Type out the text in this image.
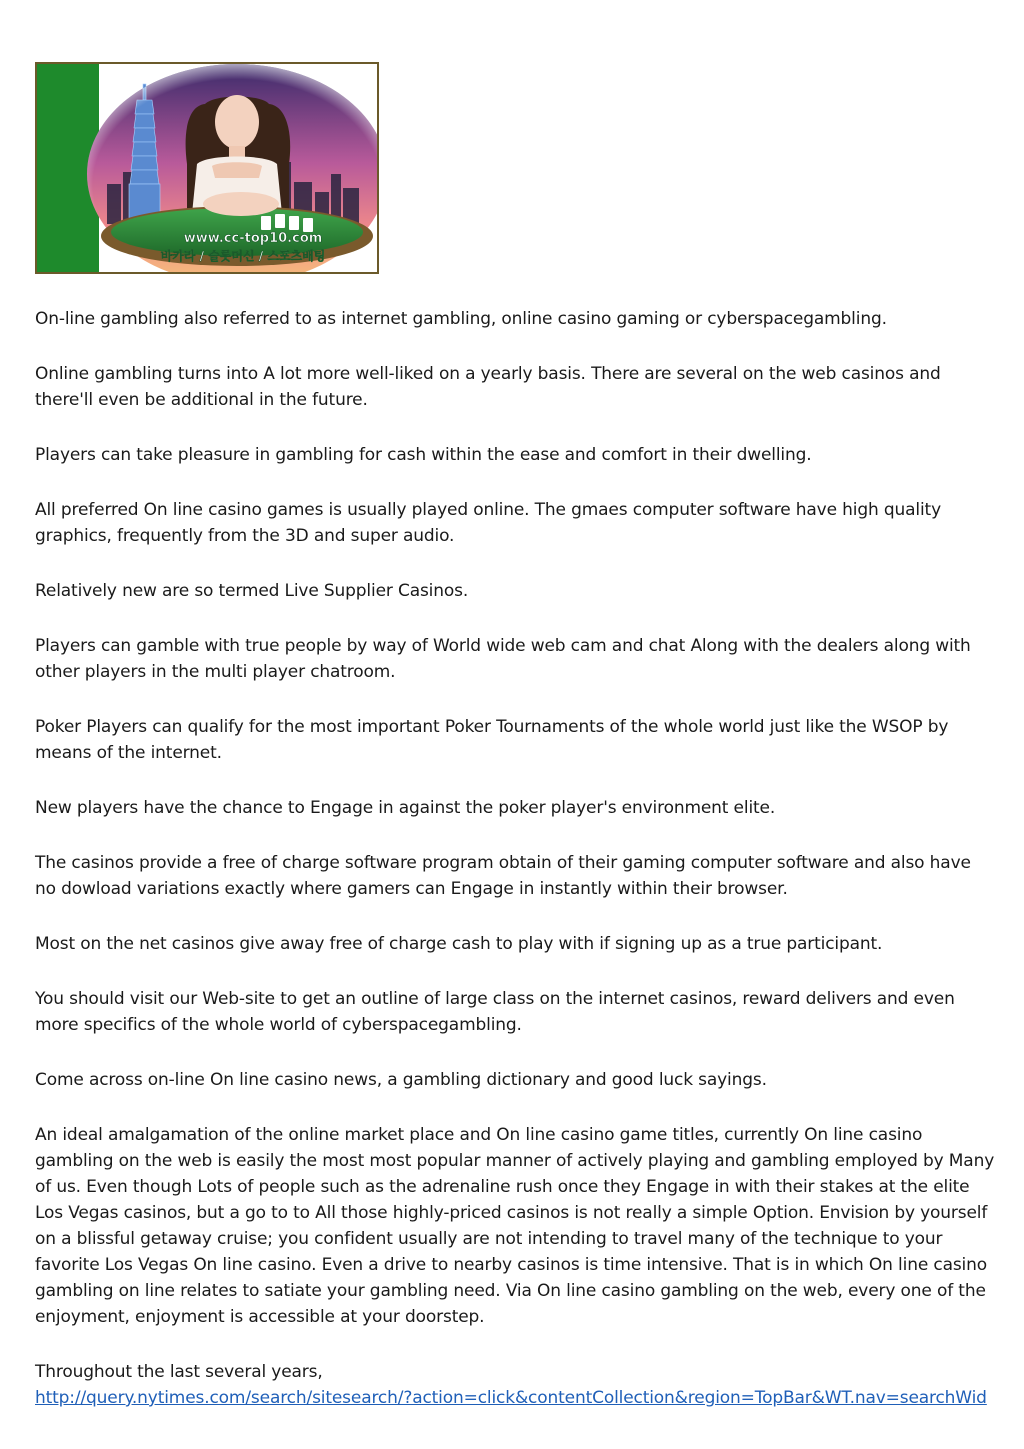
www.cc-top10.com
바카라 / 슬롯머신 / 스포츠배팅

On-line gambling also referred to as internet gambling, online casino gaming or cyberspacegambling.

Online gambling turns into A lot more well-liked on a yearly basis. There are several on the web casinos and there'll even be additional in the future.

Players can take pleasure in gambling for cash within the ease and comfort in their dwelling.

All preferred On line casino games is usually played online. The gmaes computer software have high quality graphics, frequently from the 3D and super audio.

Relatively new are so termed Live Supplier Casinos.

Players can gamble with true people by way of World wide web cam and chat Along with the dealers along with other players in the multi player chatroom.

Poker Players can qualify for the most important Poker Tournaments of the whole world just like the WSOP by means of the internet.

New players have the chance to Engage in against the poker player's environment elite.

The casinos provide a free of charge software program obtain of their gaming computer software and also have no dowload variations exactly where gamers can Engage in instantly within their browser.

Most on the net casinos give away free of charge cash to play with if signing up as a true participant.

You should visit our Web-site to get an outline of large class on the internet casinos, reward delivers and even more specifics of the whole world of cyberspacegambling.

Come across on-line On line casino news, a gambling dictionary and good luck sayings.

An ideal amalgamation of the online market place and On line casino game titles, currently On line casino gambling on the web is easily the most most popular manner of actively playing and gambling employed by Many of us. Even though Lots of people such as the adrenaline rush once they Engage in with their stakes at the elite Los Vegas casinos, but a go to to All those highly-priced casinos is not really a simple Option. Envision by yourself on a blissful getaway cruise; you confident usually are not intending to travel many of the technique to your favorite Los Vegas On line casino. Even a drive to nearby casinos is time intensive. That is in which On line casino gambling on line relates to satiate your gambling need. Via On line casino gambling on the web, every one of the enjoyment, enjoyment is accessible at your doorstep.

Throughout the last several years,
http://query.nytimes.com/search/sitesearch/?action=click&contentCollection&region=TopBar&WT.nav=searchWid
